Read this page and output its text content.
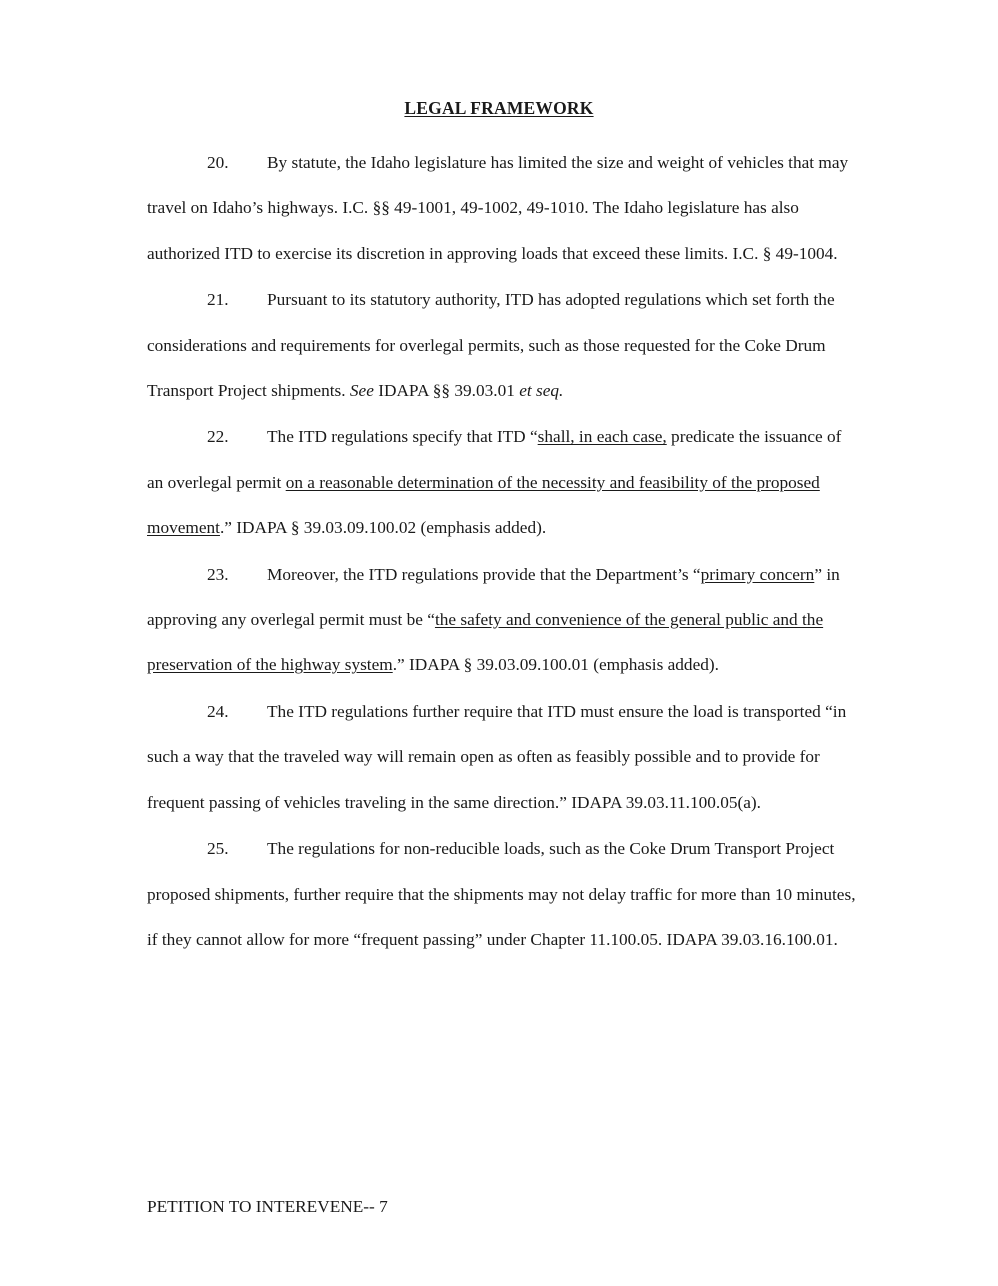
LEGAL FRAMEWORK

20. By statute, the Idaho legislature has limited the size and weight of vehicles that may travel on Idaho’s highways. I.C. §§ 49-1001, 49-1002, 49-1010. The Idaho legislature has also authorized ITD to exercise its discretion in approving loads that exceed these limits. I.C. § 49-1004.

21. Pursuant to its statutory authority, ITD has adopted regulations which set forth the considerations and requirements for overlegal permits, such as those requested for the Coke Drum Transport Project shipments. See IDAPA §§ 39.03.01 et seq.

22. The ITD regulations specify that ITD “shall, in each case, predicate the issuance of an overlegal permit on a reasonable determination of the necessity and feasibility of the proposed movement.” IDAPA § 39.03.09.100.02 (emphasis added).

23. Moreover, the ITD regulations provide that the Department’s “primary concern” in approving any overlegal permit must be “the safety and convenience of the general public and the preservation of the highway system.” IDAPA § 39.03.09.100.01 (emphasis added).

24. The ITD regulations further require that ITD must ensure the load is transported “in such a way that the traveled way will remain open as often as feasibly possible and to provide for frequent passing of vehicles traveling in the same direction.” IDAPA 39.03.11.100.05(a).

25. The regulations for non-reducible loads, such as the Coke Drum Transport Project proposed shipments, further require that the shipments may not delay traffic for more than 10 minutes, if they cannot allow for more “frequent passing” under Chapter 11.100.05. IDAPA 39.03.16.100.01.

PETITION TO INTEREVENE-- 7
